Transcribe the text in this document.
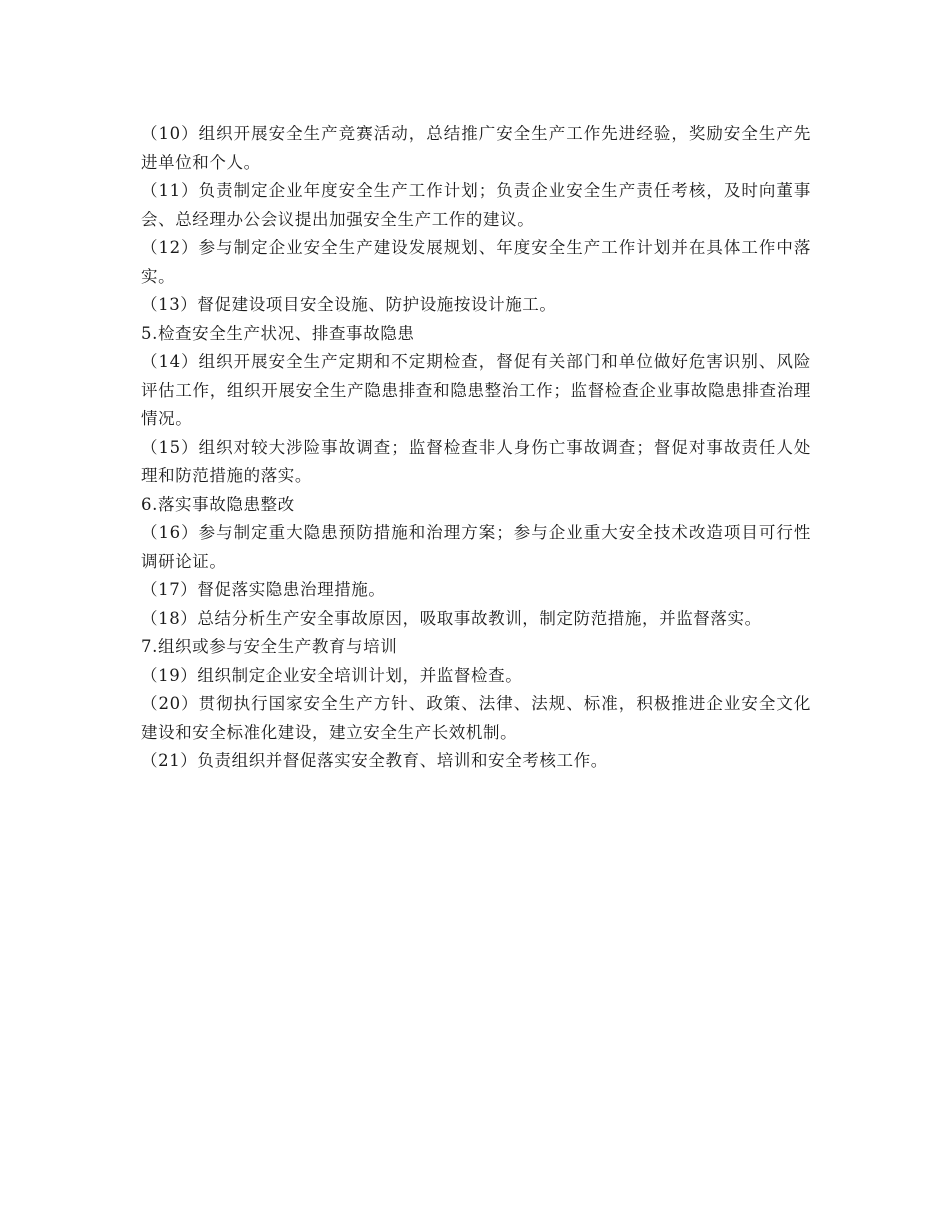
（10）组织开展安全生产竞赛活动，总结推广安全生产工作先进经验，奖励安全生产先进单位和个人。

（11）负责制定企业年度安全生产工作计划；负责企业安全生产责任考核，及时向董事会、总经理办公会议提出加强安全生产工作的建议。

（12）参与制定企业安全生产建设发展规划、年度安全生产工作计划并在具体工作中落实。

（13）督促建设项目安全设施、防护设施按设计施工。

5.检查安全生产状况、排查事故隐患

（14）组织开展安全生产定期和不定期检查，督促有关部门和单位做好危害识别、风险评估工作，组织开展安全生产隐患排查和隐患整治工作；监督检查企业事故隐患排查治理情况。

（15）组织对较大涉险事故调查；监督检查非人身伤亡事故调查；督促对事故责任人处理和防范措施的落实。

6.落实事故隐患整改

（16）参与制定重大隐患预防措施和治理方案；参与企业重大安全技术改造项目可行性调研论证。

（17）督促落实隐患治理措施。

（18）总结分析生产安全事故原因，吸取事故教训，制定防范措施，并监督落实。

7.组织或参与安全生产教育与培训

（19）组织制定企业安全培训计划，并监督检查。

（20）贯彻执行国家安全生产方针、政策、法律、法规、标准，积极推进企业安全文化建设和安全标准化建设，建立安全生产长效机制。

（21）负责组织并督促落实安全教育、培训和安全考核工作。
